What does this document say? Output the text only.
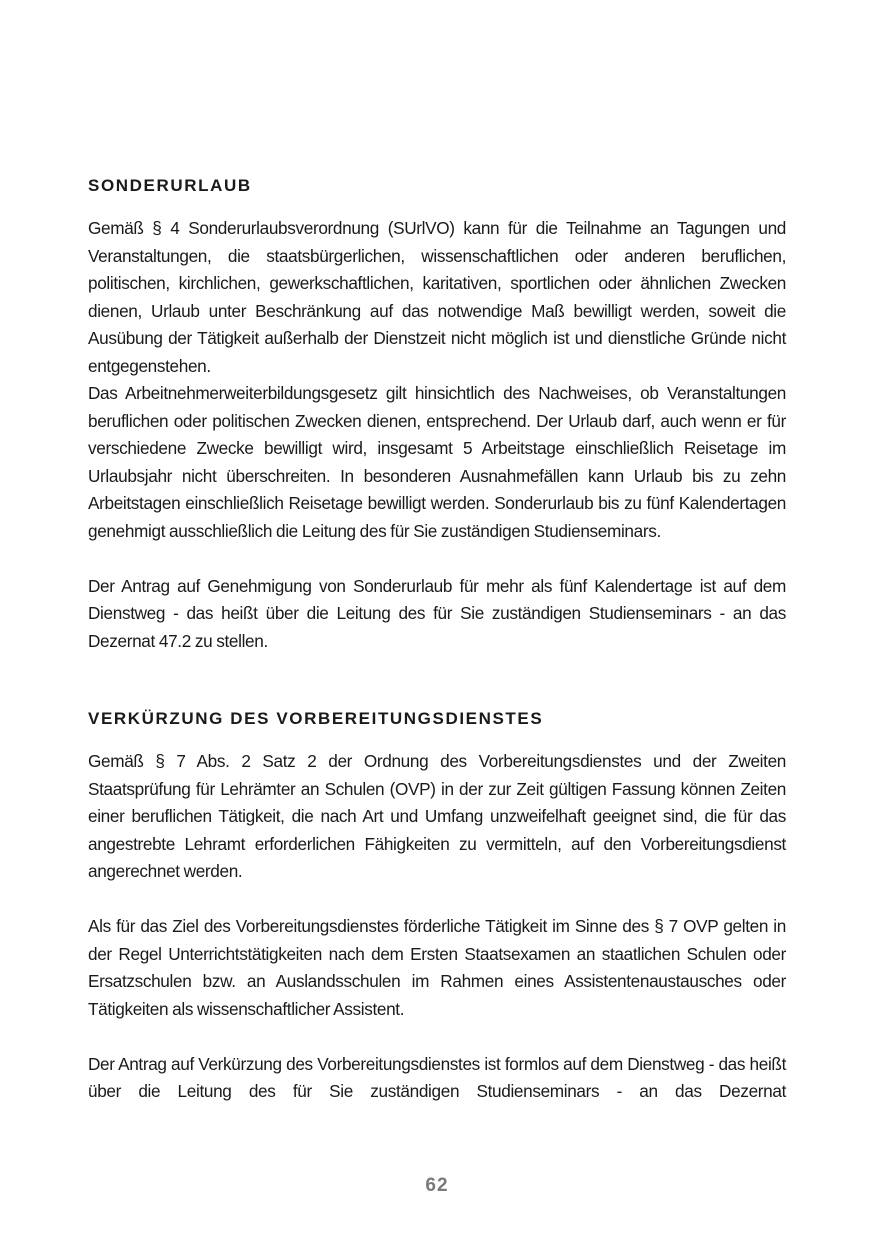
SONDERURLAUB

Gemäß § 4 Sonderurlaubsverordnung (SUrlVO) kann für die Teilnahme an Tagungen und Veranstaltungen, die staatsbürgerlichen, wissenschaftlichen oder anderen beruflichen, politischen, kirchlichen, gewerkschaftlichen, karitativen, sportlichen oder ähnlichen Zwecken dienen, Urlaub unter Beschränkung auf das notwendige Maß bewilligt werden, soweit die Ausübung der Tätigkeit außerhalb der Dienstzeit nicht möglich ist und dienstliche Gründe nicht entgegenstehen.

Das Arbeitnehmerweiterbildungsgesetz gilt hinsichtlich des Nachweises, ob Veranstaltungen beruflichen oder politischen Zwecken dienen, entsprechend. Der Urlaub darf, auch wenn er für verschiedene Zwecke bewilligt wird, insgesamt 5 Arbeitstage einschließlich Reisetage im Urlaubsjahr nicht überschreiten. In besonderen Ausnahmefällen kann Urlaub bis zu zehn Arbeitstagen einschließlich Reisetage bewilligt werden. Sonderurlaub bis zu fünf Kalendertagen genehmigt ausschließlich die Leitung des für Sie zuständigen Studienseminars.

Der Antrag auf Genehmigung von Sonderurlaub für mehr als fünf Kalendertage ist auf dem Dienstweg - das heißt über die Leitung des für Sie zuständigen Studienseminars - an das Dezernat 47.2 zu stellen.

VERKÜRZUNG DES VORBEREITUNGSDIENSTES

Gemäß § 7 Abs. 2 Satz 2 der Ordnung des Vorbereitungsdienstes und der Zweiten Staatsprüfung für Lehrämter an Schulen (OVP) in der zur Zeit gültigen Fassung können Zeiten einer beruflichen Tätigkeit, die nach Art und Umfang unzweifelhaft geeignet sind, die für das angestrebte Lehramt erforderlichen Fähigkeiten zu vermitteln, auf den Vorbereitungsdienst angerechnet werden.

Als für das Ziel des Vorbereitungsdienstes förderliche Tätigkeit im Sinne des § 7 OVP gelten in der Regel Unterrichtstätigkeiten nach dem Ersten Staatsexamen an staatlichen Schulen oder Ersatzschulen bzw. an Auslandsschulen im Rahmen eines Assistentenaustausches oder Tätigkeiten als wissenschaftlicher Assistent.

Der Antrag auf Verkürzung des Vorbereitungsdienstes ist formlos auf dem Dienstweg - das heißt über die Leitung des für Sie zuständigen Studienseminars - an das Dezernat

62
